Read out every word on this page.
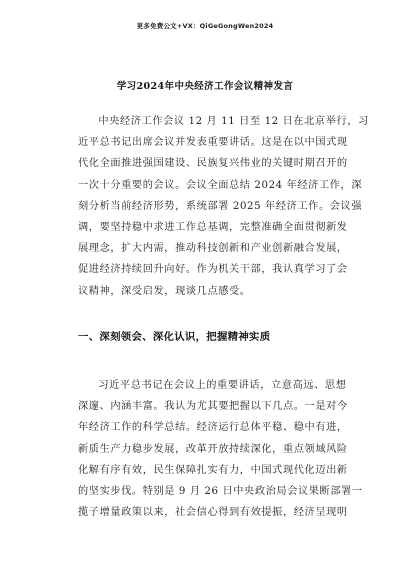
更多免费公文+VX：QiGeGongWen2024
学习2024年中央经济工作会议精神发言
中央经济工作会议 12 月 11 日至 12 日在北京举行，习
近平总书记出席会议并发表重要讲话。这是在以中国式现
代化全面推进强国建设、民族复兴伟业的关键时期召开的
一次十分重要的会议。会议全面总结 2024 年经济工作，深
刻分析当前经济形势，系统部署 2025 年经济工作。会议强
调，要坚持稳中求进工作总基调，完整准确全面贯彻新发
展理念，扩大内需，推动科技创新和产业创新融合发展，
促进经济持续回升向好。作为机关干部，我认真学习了会
议精神，深受启发，现谈几点感受。
一、深刻领会、深化认识，把握精神实质
习近平总书记在会议上的重要讲话，立意高远、思想
深邃、内涵丰富。我认为尤其要把握以下几点。一是对今
年经济工作的科学总结。经济运行总体平稳、稳中有进，
新质生产力稳步发展，改革开放持续深化，重点领域风险
化解有序有效，民生保障扎实有力，中国式现代化迈出新
的坚实步伐。特别是 9 月 26 日中央政治局会议果断部署一
揽子增量政策以来，社会信心得到有效提振，经济呈现明
